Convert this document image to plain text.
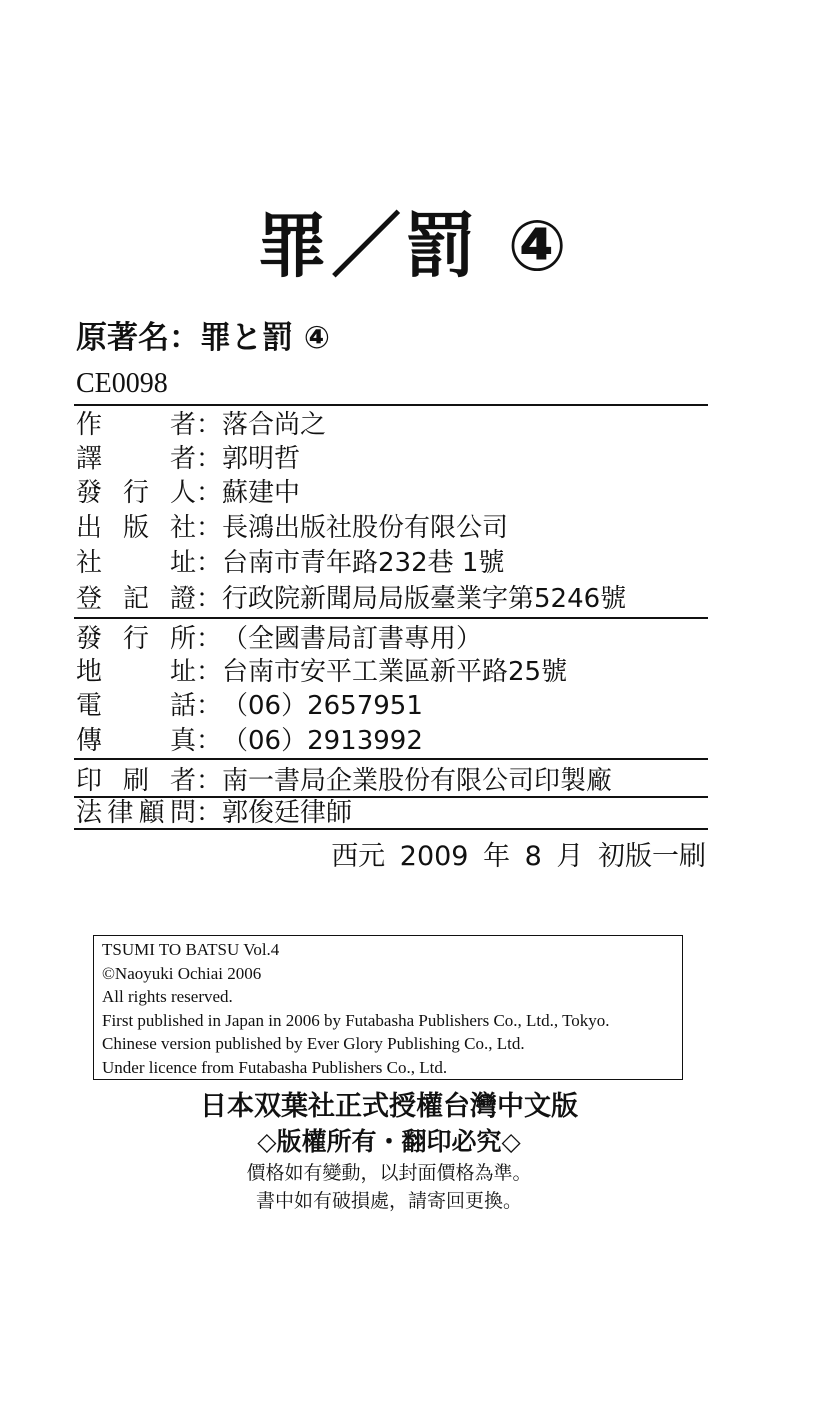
罪／罰 ④
原著名：罪と罰 ④
CE0098
作者 ： 落合尚之
譯者 ： 郭明哲
發行人 ： 蘇建中
出版社 ： 長鴻出版社股份有限公司
社址 ： 台南市青年路232巷 1號
登記證 ： 行政院新聞局局版臺業字第5246號
發行所 ： （全國書局訂書專用）
地址 ： 台南市安平工業區新平路25號
電話 ： （06）2657951
傳真 ： （06）2913992
印刷者 ： 南一書局企業股份有限公司印製廠
法律顧問 ： 郭俊廷律師
西元 2009 年 8 月 初版一刷
TSUMI TO BATSU Vol.4
©Naoyuki Ochiai 2006
All rights reserved.
First published in Japan in 2006 by Futabasha Publishers Co., Ltd., Tokyo.
Chinese version published by Ever Glory Publishing Co., Ltd.
Under licence from Futabasha Publishers Co., Ltd.
日本双葉社正式授權台灣中文版
◇版權所有・翻印必究◇
價格如有變動，以封面價格為準。
書中如有破損處，請寄回更換。
